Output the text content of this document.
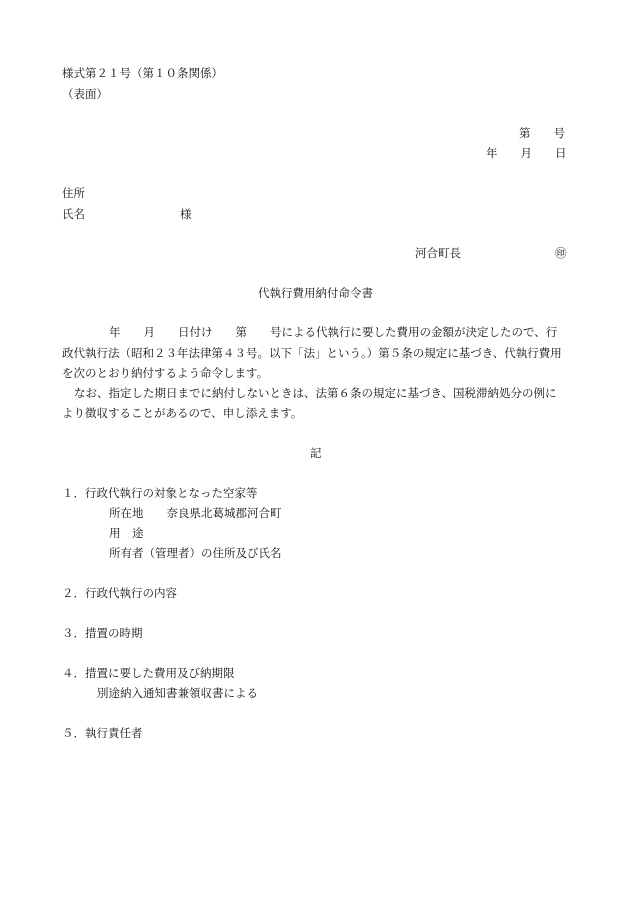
様式第２１号（第１０条関係）
（表面）
第　　号
年　　月　　日
住所
氏名	様
河合町長	㊞
代執行費用納付命令書
年　　月　　日付け　　第　　号による代執行に要した費用の金額が決定したので、行
政代執行法（昭和２３年法律第４３号。以下「法」という。）第５条の規定に基づき、代執行費用
を次のとおり納付するよう命令します。
なお、指定した期日までに納付しないときは、法第６条の規定に基づき、国税滞納処分の例に
より徴収することがあるので、申し添えます。
記
１．行政代執行の対象となった空家等
所在地　　奈良県北葛城郡河合町
用　途
所有者（管理者）の住所及び氏名
２．行政代執行の内容
３．措置の時期
４．措置に要した費用及び納期限
別途納入通知書兼領収書による
５．執行責任者
